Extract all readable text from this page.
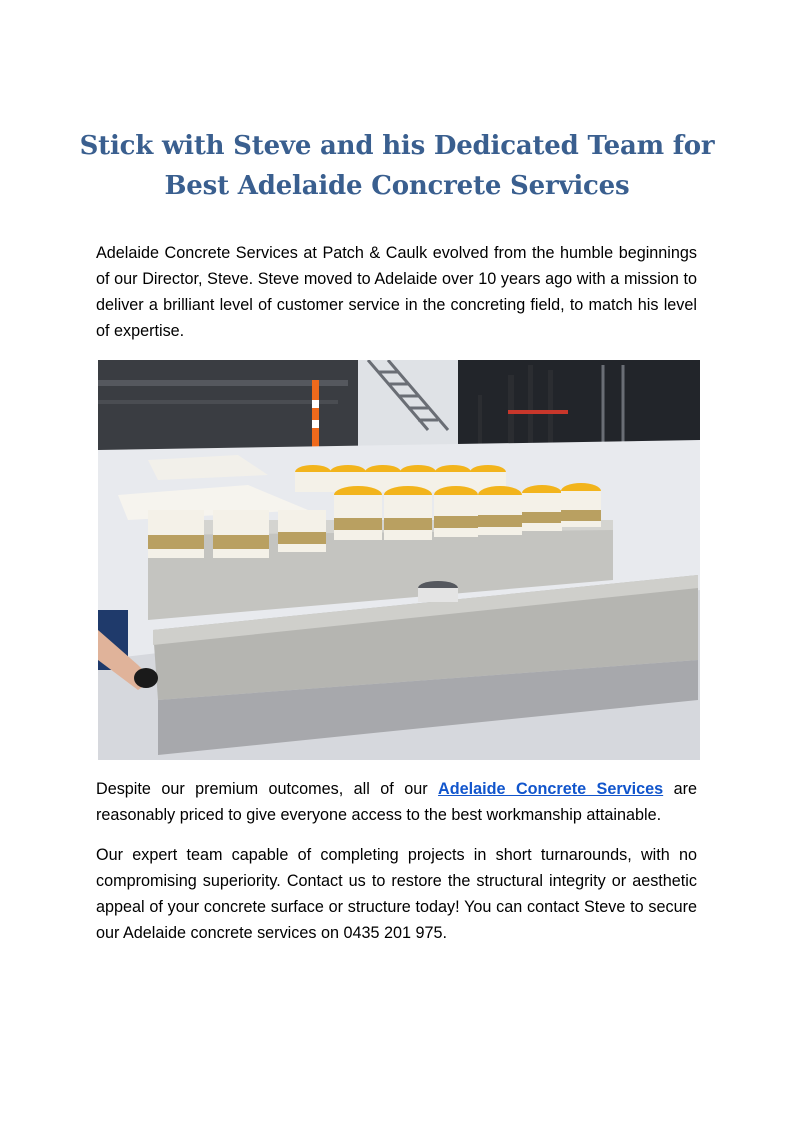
Stick with Steve and his Dedicated Team for
Best Adelaide Concrete Services

Adelaide Concrete Services at Patch & Caulk evolved from the humble beginnings of our Director, Steve. Steve moved to Adelaide over 10 years ago with a mission to deliver a brilliant level of customer service in the concreting field, to match his level of expertise.

Despite our premium outcomes, all of our Adelaide Concrete Services are reasonably priced to give everyone access to the best workmanship attainable.

Our expert team capable of completing projects in short turnarounds, with no compromising superiority. Contact us to restore the structural integrity or aesthetic appeal of your concrete surface or structure today! You can contact Steve to secure our Adelaide concrete services on 0435 201 975.
